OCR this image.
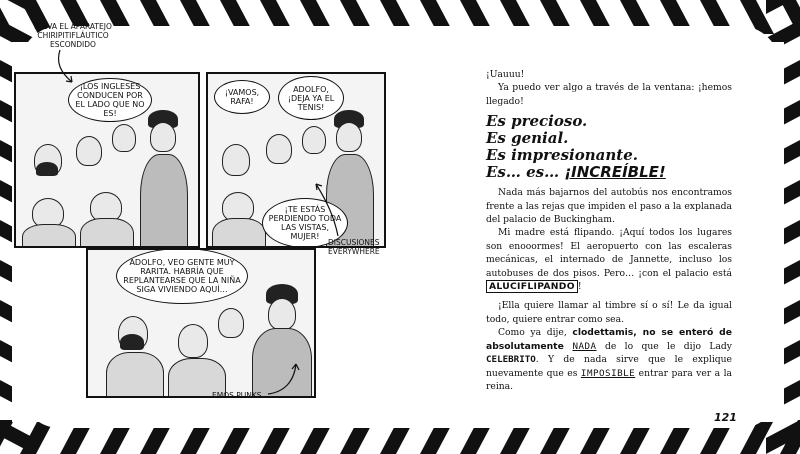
LLEVA EL APARATEJO CHIRIPITIFLÁUTICO ESCONDIDO
¡LOS INGLESES CONDUCEN POR EL LADO QUE NO ES!
¡VAMOS, RAFA!
ADOLFO, ¡DEJA YA EL TENIS!
¡TE ESTÁS PERDIENDO TODA LAS VISTAS, MUJER!
DISCUSIONES EVERYWHERE
ADOLFO, VEO GENTE MUY RARITA. HABRÍA QUE REPLANTEARSE QUE LA NIÑA SIGA VIVIENDO AQUÍ…
EMOS PUNKS…

¡Uauuu!

Ya puedo ver algo a través de la ventana: ¡hemos llegado!

Es precioso.
Es genial.
Es impresionante.
Es… es… ¡INCREÍBLE!

Nada más bajarnos del autobús nos encontramos frente a las rejas que impiden el paso a la explanada del palacio de Buckingham.

Mi madre está flipando. ¡Aquí todos los lugares son enooormes! El aeropuerto con las escaleras mecánicas, el internado de Jannette, incluso los autobuses de dos pisos. Pero… ¡con el palacio está ALUCIFLIPANDO !

¡Ella quiere llamar al timbre sí o sí! Le da igual todo, quiere entrar como sea.

Como ya dije, clodettamis, no se enteró de absolutamente NADA de lo que le dijo Lady CELEBRITO. Y de nada sirve que le explique nuevamente que es IMPOSIBLE entrar para ver a la reina.

121
